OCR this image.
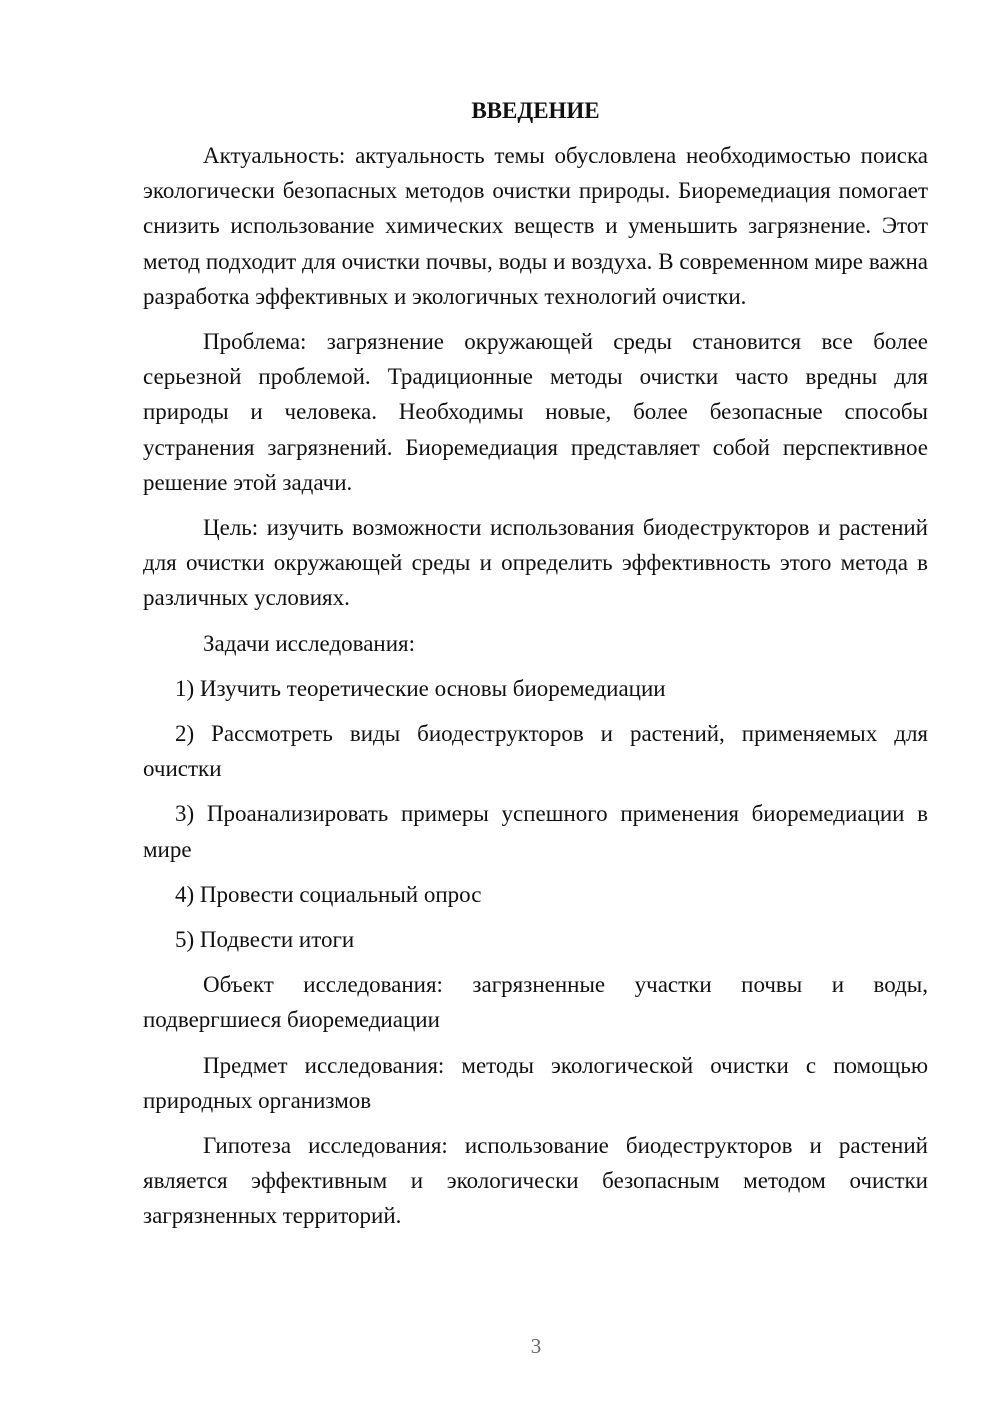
ВВЕДЕНИЕ

Актуальность: актуальность темы обусловлена необходимостью поиска экологически безопасных методов очистки природы. Биоремедиация помогает снизить использование химических веществ и уменьшить загрязнение. Этот метод подходит для очистки почвы, воды и воздуха. В современном мире важна разработка эффективных и экологичных технологий очистки.

Проблема: загрязнение окружающей среды становится все более серьезной проблемой. Традиционные методы очистки часто вредны для природы и человека. Необходимы новые, более безопасные способы устранения загрязнений. Биоремедиация представляет собой перспективное решение этой задачи.

Цель: изучить возможности использования биодеструкторов и растений для очистки окружающей среды и определить эффективность этого метода в различных условиях.

Задачи исследования:

1) Изучить теоретические основы биоремедиации

2) Рассмотреть виды биодеструкторов и растений, применяемых для очистки

3) Проанализировать примеры успешного применения биоремедиации в мире

4) Провести социальный опрос

5) Подвести итоги

Объект исследования: загрязненные участки почвы и воды, подвергшиеся биоремедиации

Предмет исследования: методы экологической очистки с помощью природных организмов

Гипотеза исследования: использование биодеструкторов и растений является эффективным и экологически безопасным методом очистки загрязненных территорий.

3
